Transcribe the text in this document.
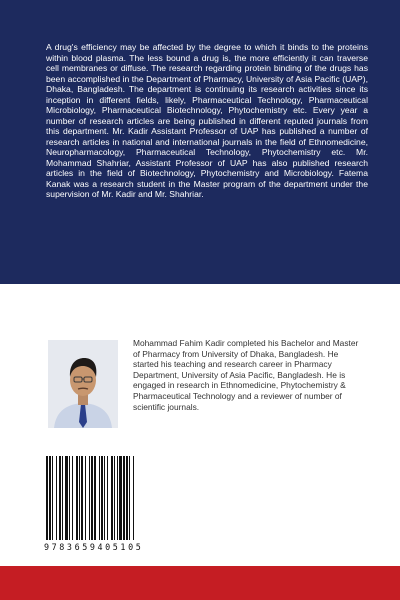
A drug's efficiency may be affected by the degree to which it binds to the proteins within blood plasma. The less bound a drug is, the more efficiently it can traverse cell membranes or diffuse. The research regarding protein binding of the drugs has been accomplished in the Department of Pharmacy, University of Asia Pacific (UAP), Dhaka, Bangladesh. The department is continuing its research activities since its inception in different fields, likely, Pharmaceutical Technology, Pharmaceutical Microbiology, Pharmaceutical Biotechnology, Phytochemistry etc. Every year a number of research articles are being published in different reputed journals from this department. Mr. Kadir Assistant Professor of UAP has published a number of research articles in national and international journals in the field of Ethnomedicine, Neuropharmacology, Pharmaceutical Technology, Phytochemistry etc. Mr. Mohammad Shahriar, Assistant Professor of UAP has also published research articles in the field of Biotechnology, Phytochemistry and Microbiology. Fatema Kanak was a research student in the Master program of the department under the supervision of Mr. Kadir and Mr. Shahriar.

Mohammad Fahim Kadir completed his Bachelor and Master of Pharmacy from University of Dhaka, Bangladesh. He started his teaching and research career in Pharmacy Department, University of Asia Pacific, Bangladesh. He is engaged in research in Ethnomedicine, Phytochemistry & Pharmaceutical Technology and a reviewer of number of scientific journals.

9783659405105
